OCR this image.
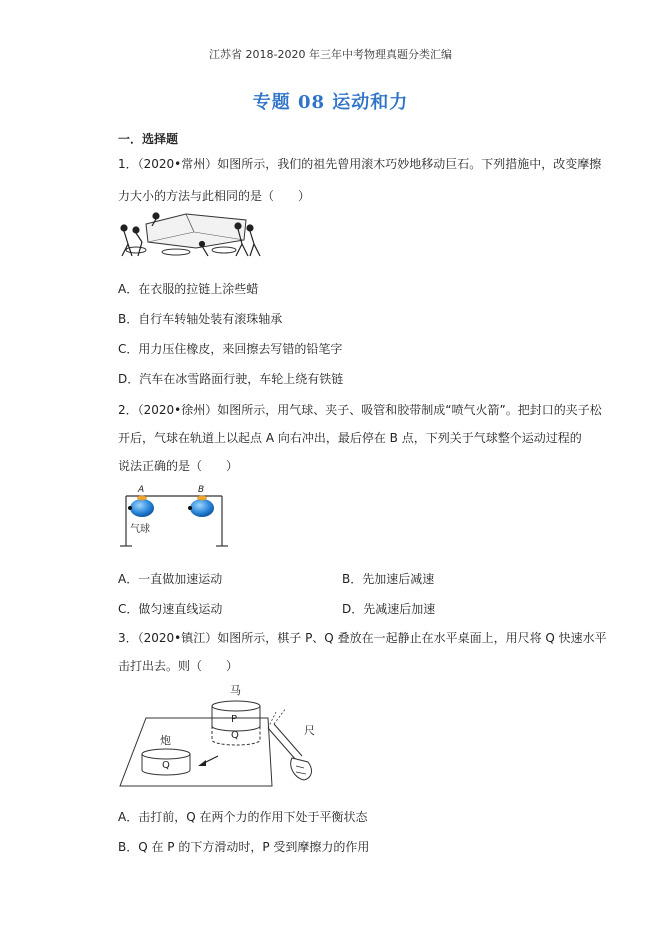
江苏省 2018-2020 年三年中考物理真题分类汇编
专题 08 运动和力
一．选择题
1．（2020•常州）如图所示，我们的祖先曾用滚木巧妙地移动巨石。下列措施中，改变摩擦
力大小的方法与此相同的是（　　）
A．在衣服的拉链上涂些蜡
B．自行车转轴处装有滚珠轴承
C．用力压住橡皮，来回擦去写错的铅笔字
D．汽车在冰雪路面行驶，车轮上绕有铁链
2．（2020•徐州）如图所示，用气球、夹子、吸管和胶带制成“喷气火箭”。把封口的夹子松
开后，气球在轨道上以起点 A 向右冲出，最后停在 B 点，下列关于气球整个运动过程的
说法正确的是（　　）
A	B
气球
A．一直做加速运动	B．先加速后减速
C．做匀速直线运动	D．先减速后加速
3．（2020•镇江）如图所示，棋子 P、Q 叠放在一起静止在水平桌面上，用尺将 Q 快速水平
击打出去。则（　　）
马
P
Q
炮
Q
尺
A．击打前，Q 在两个力的作用下处于平衡状态
B．Q 在 P 的下方滑动时，P 受到摩擦力的作用
